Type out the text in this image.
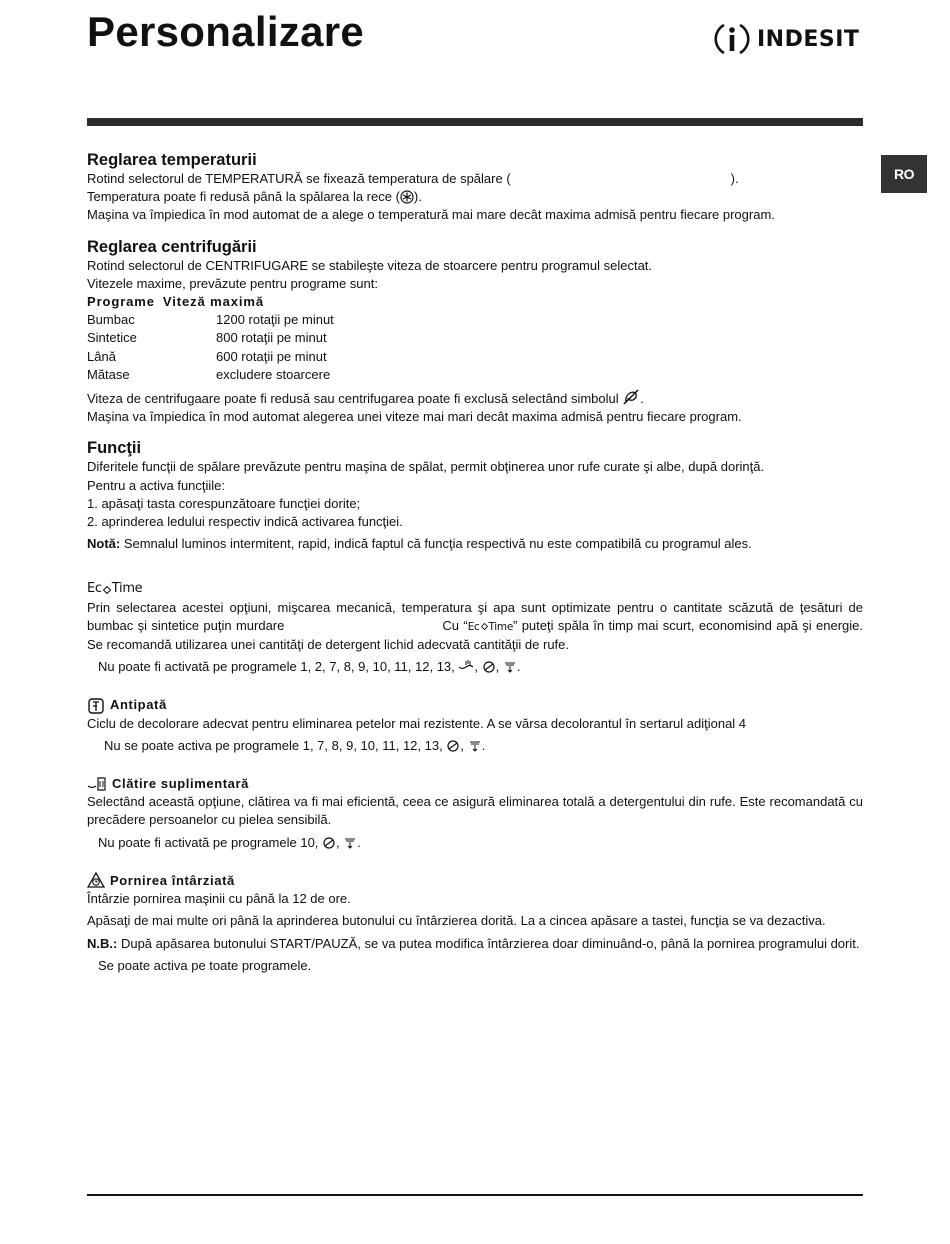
Personalizare	INDESIT
RO
Reglarea temperaturii

Rotind selectorul de TEMPERATURĂ se fixează temperatura de spălare (	).

Temperatura poate fi redusă până la spălarea la rece ( ).

Maşina va împiedica în mod automat de a alege o temperatură mai mare decât maxima admisă pentru fiecare program.

Reglarea centrifugării

Rotind selectorul de CENTRIFUGARE se stabileşte viteza de stoarcere pentru programul selectat.

Vitezele maxime, prevăzute pentru programe sunt:

Programe Viteză maximă
Bumbac	1200 rotaţii pe minut
Sintetice	800 rotaţii pe minut
Lână	600 rotaţii pe minut
Mătase	excludere stoarcere

Viteza de centrifugaare poate fi redusă sau centrifugarea poate fi exclusă selectând simbolul .

Maşina va împiedica în mod automat alegerea unei viteze mai mari decât maxima admisă pentru fiecare program.

Funcţii

Diferitele funcţii de spălare prevăzute pentru maşina de spălat, permit obţinerea unor rufe curate şi albe, după dorinţă.

Pentru a activa funcţiile:

1. apăsaţi tasta corespunzătoare funcţiei dorite;

2. aprinderea ledului respectiv indică activarea funcţiei.

Notă: Semnalul luminos intermitent, rapid, indică faptul că funcţia respectivă nu este compatibilă cu programul ales.

Ec Time

Prin selectarea acestei opţiuni, mişcarea mecanică, temperatura şi apa sunt optimizate pentru o cantitate scăzută de ţesături de bumbac şi sintetice puţin murdare	Cu “ Ec Time ” puteţi spăla în timp mai scurt, economisind apă şi energie. Se recomandă utilizarea unei cantităţi de detergent lichid adecvată cantităţii de rufe.

Nu poate fi activată pe programele 1, 2, 7, 8, 9, 10, 11, 12, 13, , , .

Antipată

Ciclu de decolorare adecvat pentru eliminarea petelor mai rezistente. A se vărsa decolorantul în sertarul adiţional 4

Nu se poate activa pe programele 1, 7, 8, 9, 10, 11, 12, 13, , .

Clătire suplimentară

Selectând această opţiune, clătirea va fi mai eficientă, ceea ce asigură eliminarea totală a detergentului din rufe. Este recomandată cu precădere persoanelor cu pielea sensibilă.

Nu poate fi activată pe programele 10, , .

Pornirea întârziată

Întârzie pornirea maşinii cu până la 12 de ore.

Apăsaţi de mai multe ori până la aprinderea butonului cu întârzierea dorită. La a cincea apăsare a tastei, funcţia se va dezactiva.

N.B.: După apăsarea butonului START/PAUZĂ, se va putea modifica întârzierea doar diminuând-o, până la pornirea programului dorit.

Se poate activa pe toate programele.
